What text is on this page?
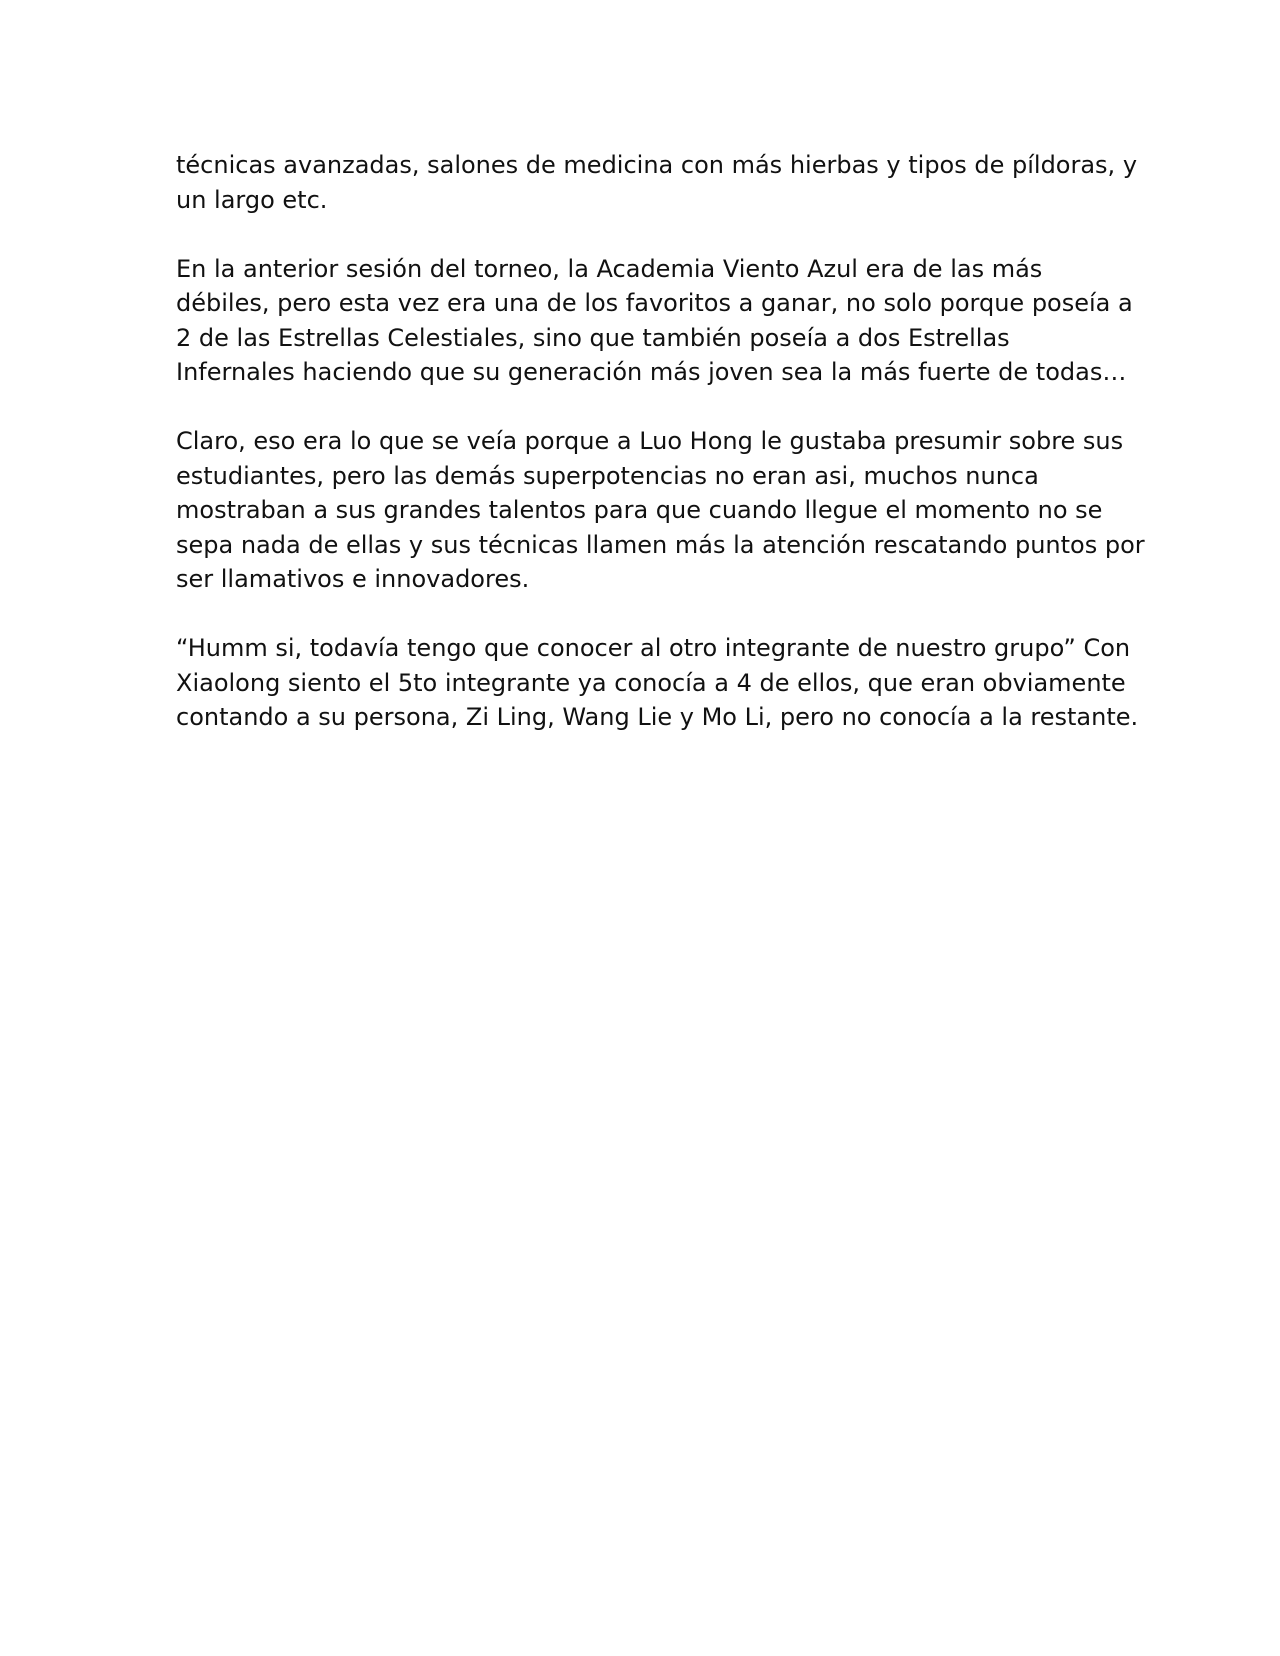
técnicas avanzadas, salones de medicina con más hierbas y tipos de píldoras, y
un largo etc.

En la anterior sesión del torneo, la Academia Viento Azul era de las más
débiles, pero esta vez era una de los favoritos a ganar, no solo porque poseía a
2 de las Estrellas Celestiales, sino que también poseía a dos Estrellas
Infernales haciendo que su generación más joven sea la más fuerte de todas…

Claro, eso era lo que se veía porque a Luo Hong le gustaba presumir sobre sus
estudiantes, pero las demás superpotencias no eran asi, muchos nunca
mostraban a sus grandes talentos para que cuando llegue el momento no se
sepa nada de ellas y sus técnicas llamen más la atención rescatando puntos por
ser llamativos e innovadores.

“Humm si, todavía tengo que conocer al otro integrante de nuestro grupo” Con
Xiaolong siento el 5to integrante ya conocía a 4 de ellos, que eran obviamente
contando a su persona, Zi Ling, Wang Lie y Mo Li, pero no conocía a la restante.
